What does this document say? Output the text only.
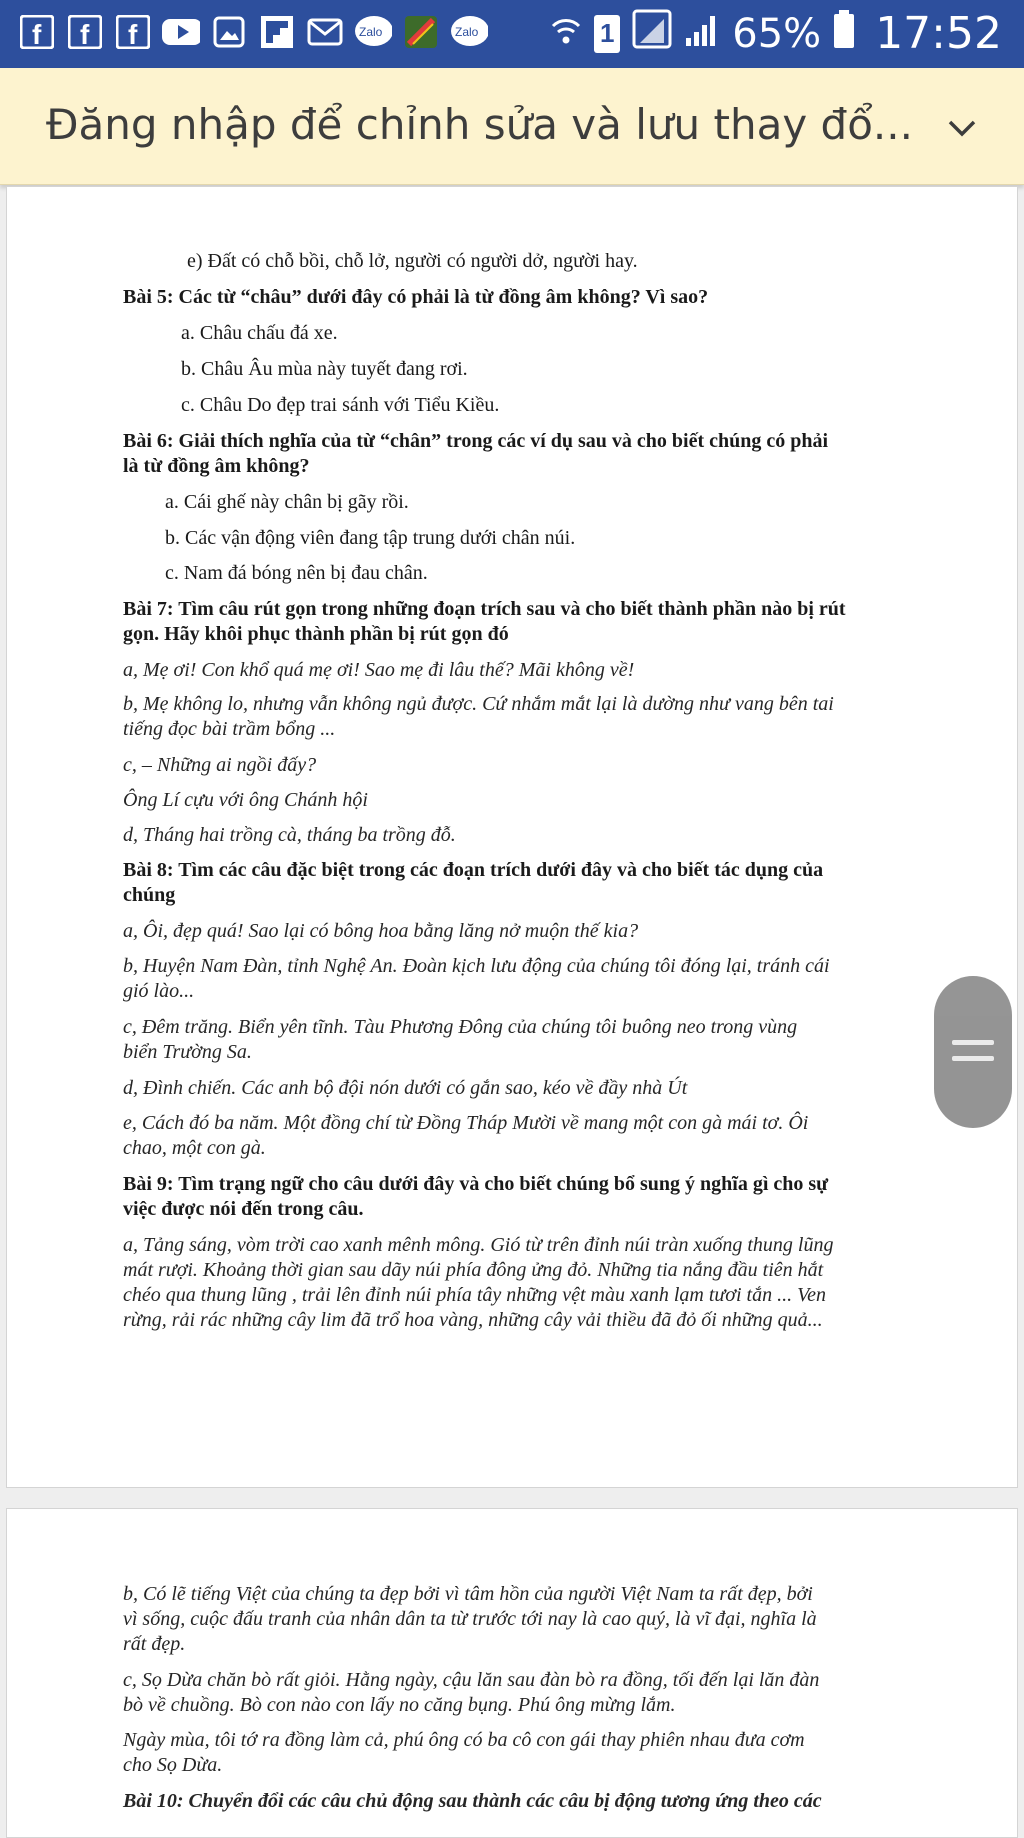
f f f	Zalo	Zalo	1	65% 17:52
Đăng nhập để chỉnh sửa và lưu thay đổ...
e) Đất có chỗ bồi, chỗ lở, người có người dở, người hay.
Bài 5: Các từ “châu” dưới đây có phải là từ đồng âm không? Vì sao?
a. Châu chấu đá xe.
b. Châu Âu mùa này tuyết đang rơi.
c. Châu Do đẹp trai sánh với Tiểu Kiều.
Bài 6: Giải thích nghĩa của từ “chân” trong các ví dụ sau và cho biết chúng có phải
là từ đồng âm không?
a. Cái ghế này chân bị gãy rồi.
b. Các vận động viên đang tập trung dưới chân núi.
c. Nam đá bóng nên bị đau chân.
Bài 7: Tìm câu rút gọn trong những đoạn trích sau và cho biết thành phần nào bị rút
gọn. Hãy khôi phục thành phần bị rút gọn đó
a, Mẹ ơi! Con khổ quá mẹ ơi! Sao mẹ đi lâu thế? Mãi không về!
b, Mẹ không lo, nhưng vẫn không ngủ được. Cứ nhắm mắt lại là dường như vang bên tai
tiếng đọc bài trầm bổng ...
c, – Những ai ngồi đấy?
Ông Lí cựu với ông Chánh hội
d, Tháng hai trồng cà, tháng ba trồng đỗ.
Bài 8: Tìm các câu đặc biệt trong các đoạn trích dưới đây và cho biết tác dụng của
chúng
a, Ôi, đẹp quá! Sao lại có bông hoa bằng lăng nở muộn thế kia?
b, Huyện Nam Đàn, tỉnh Nghệ An. Đoàn kịch lưu động của chúng tôi đóng lại, tránh cái
gió lào...
c, Đêm trăng. Biển yên tĩnh. Tàu Phương Đông của chúng tôi buông neo trong vùng
biển Trường Sa.
d, Đình chiến. Các anh bộ đội nón dưới có gắn sao, kéo về đầy nhà Út
e, Cách đó ba năm. Một đồng chí từ Đồng Tháp Mười về mang một con gà mái tơ. Ôi
chao, một con gà.
Bài 9: Tìm trạng ngữ cho câu dưới đây và cho biết chúng bổ sung ý nghĩa gì cho sự
việc được nói đến trong câu.
a, Tảng sáng, vòm trời cao xanh mênh mông. Gió từ trên đỉnh núi tràn xuống thung lũng
mát rượi. Khoảng thời gian sau dãy núi phía đông ửng đỏ. Những tia nắng đầu tiên hắt
chéo qua thung lũng , trải lên đỉnh núi phía tây những vệt màu xanh lạm tươi tắn ... Ven
rừng, rải rác những cây lim đã trổ hoa vàng, những cây vải thiều đã đỏ ối những quả...
b, Có lẽ tiếng Việt của chúng ta đẹp bởi vì tâm hồn của người Việt Nam ta rất đẹp, bởi
vì sống, cuộc đấu tranh của nhân dân ta từ trước tới nay là cao quý, là vĩ đại, nghĩa là
rất đẹp.
c, Sọ Dừa chăn bò rất giỏi. Hằng ngày, cậu lăn sau đàn bò ra đồng, tối đến lại lăn đàn
bò về chuồng. Bò con nào con lấy no căng bụng. Phú ông mừng lắm.
Ngày mùa, tôi tớ ra đồng làm cả, phú ông có ba cô con gái thay phiên nhau đưa cơm
cho Sọ Dừa.
Bài 10: Chuyển đổi các câu chủ động sau thành các câu bị động tương ứng theo các
